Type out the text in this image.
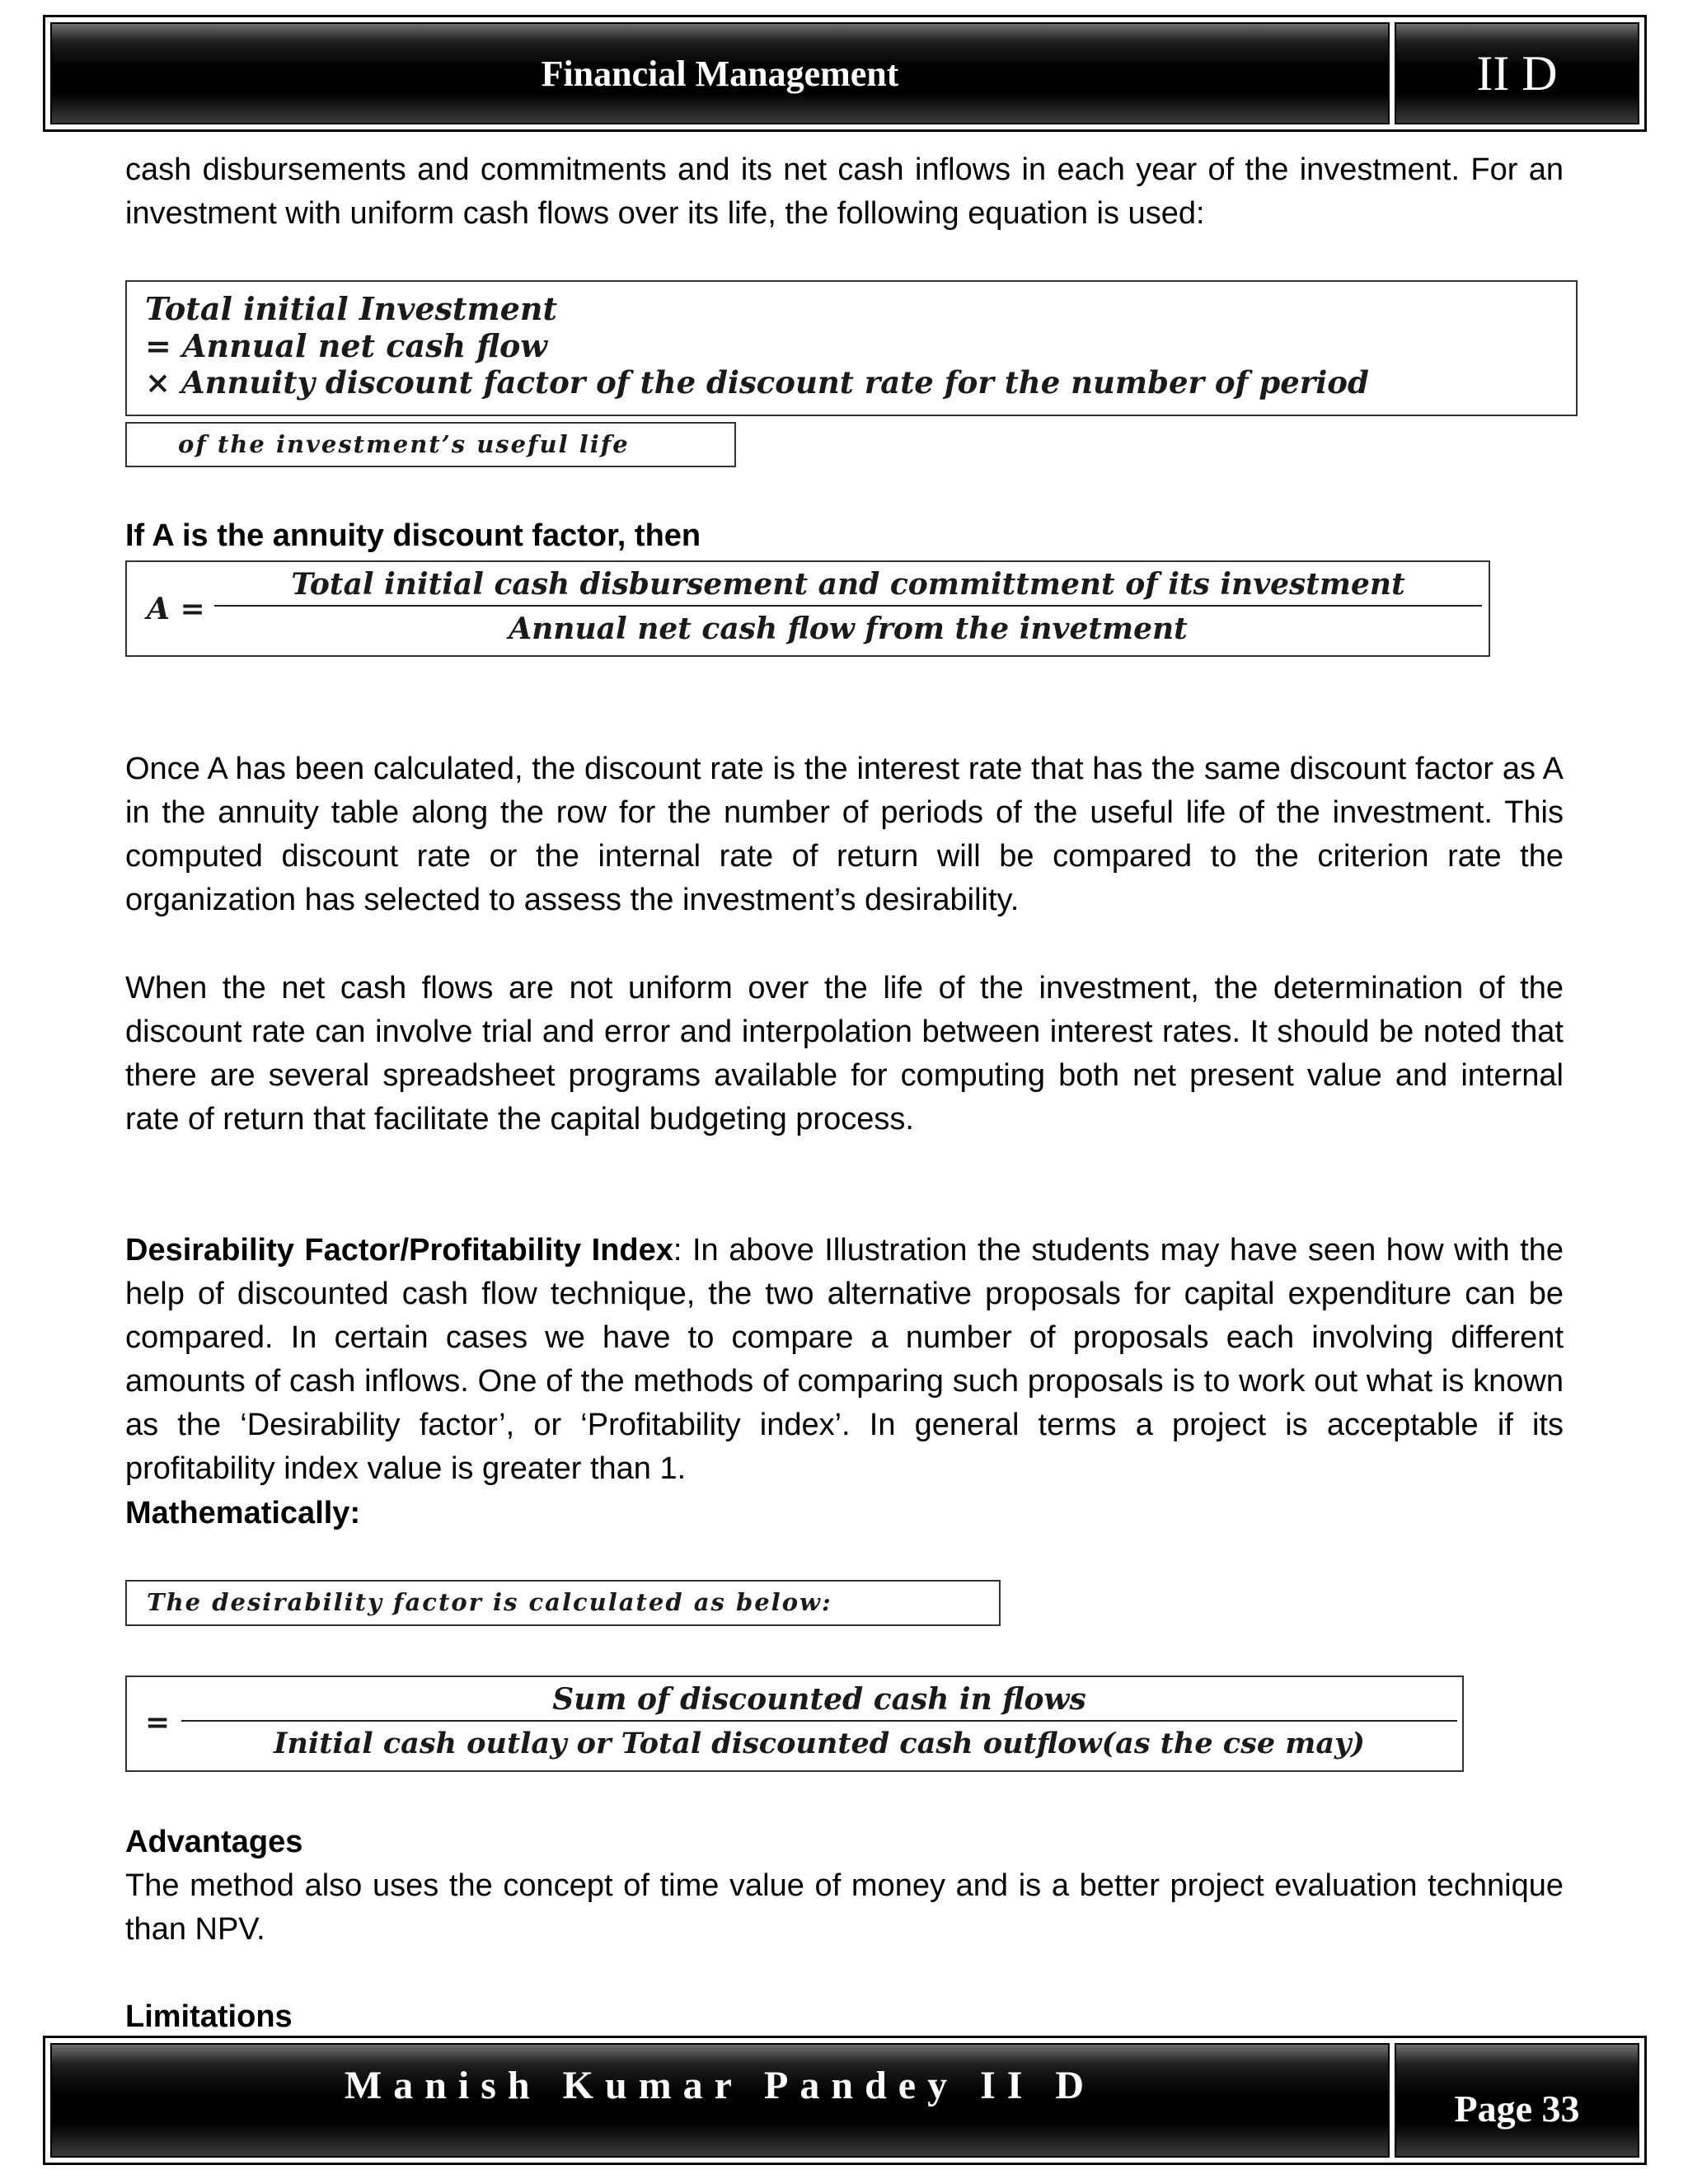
Financial Management	II D
cash disbursements and commitments and its net cash inflows in each year of the investment. For an investment with uniform cash flows over its life, the following equation is used:
Total initial Investment
= Annual net cash flow
× Annuity discount factor of the discount rate for the number of period
of the investment’s useful life
If A is the annuity discount factor, then
A =
Total initial cash disbursement and committment of its investment
Annual net cash flow from the invetment
Once A has been calculated, the discount rate is the interest rate that has the same discount factor as A in the annuity table along the row for the number of periods of the useful life of the investment. This computed discount rate or the internal rate of return will be compared to the criterion rate the organization has selected to assess the investment’s desirability.
When the net cash flows are not uniform over the life of the investment, the determination of the discount rate can involve trial and error and interpolation between interest rates. It should be noted that there are several spreadsheet programs available for computing both net present value and internal rate of return that facilitate the capital budgeting process.
Desirability Factor/Profitability Index: In above Illustration the students may have seen how with the help of discounted cash flow technique, the two alternative proposals for capital expenditure can be compared. In certain cases we have to compare a number of proposals each involving different amounts of cash inflows. One of the methods of comparing such proposals is to work out what is known as the ‘Desirability factor’, or ‘Profitability index’. In general terms a project is acceptable if its profitability index value is greater than 1.
Mathematically:
The desirability factor is calculated as below:
=
Sum of discounted cash in flows
Initial cash outlay or Total discounted cash outflow(as the cse may)
Advantages
The method also uses the concept of time value of money and is a better project evaluation technique than NPV.
Limitations
Manish Kumar Pandey II D
Page 33
